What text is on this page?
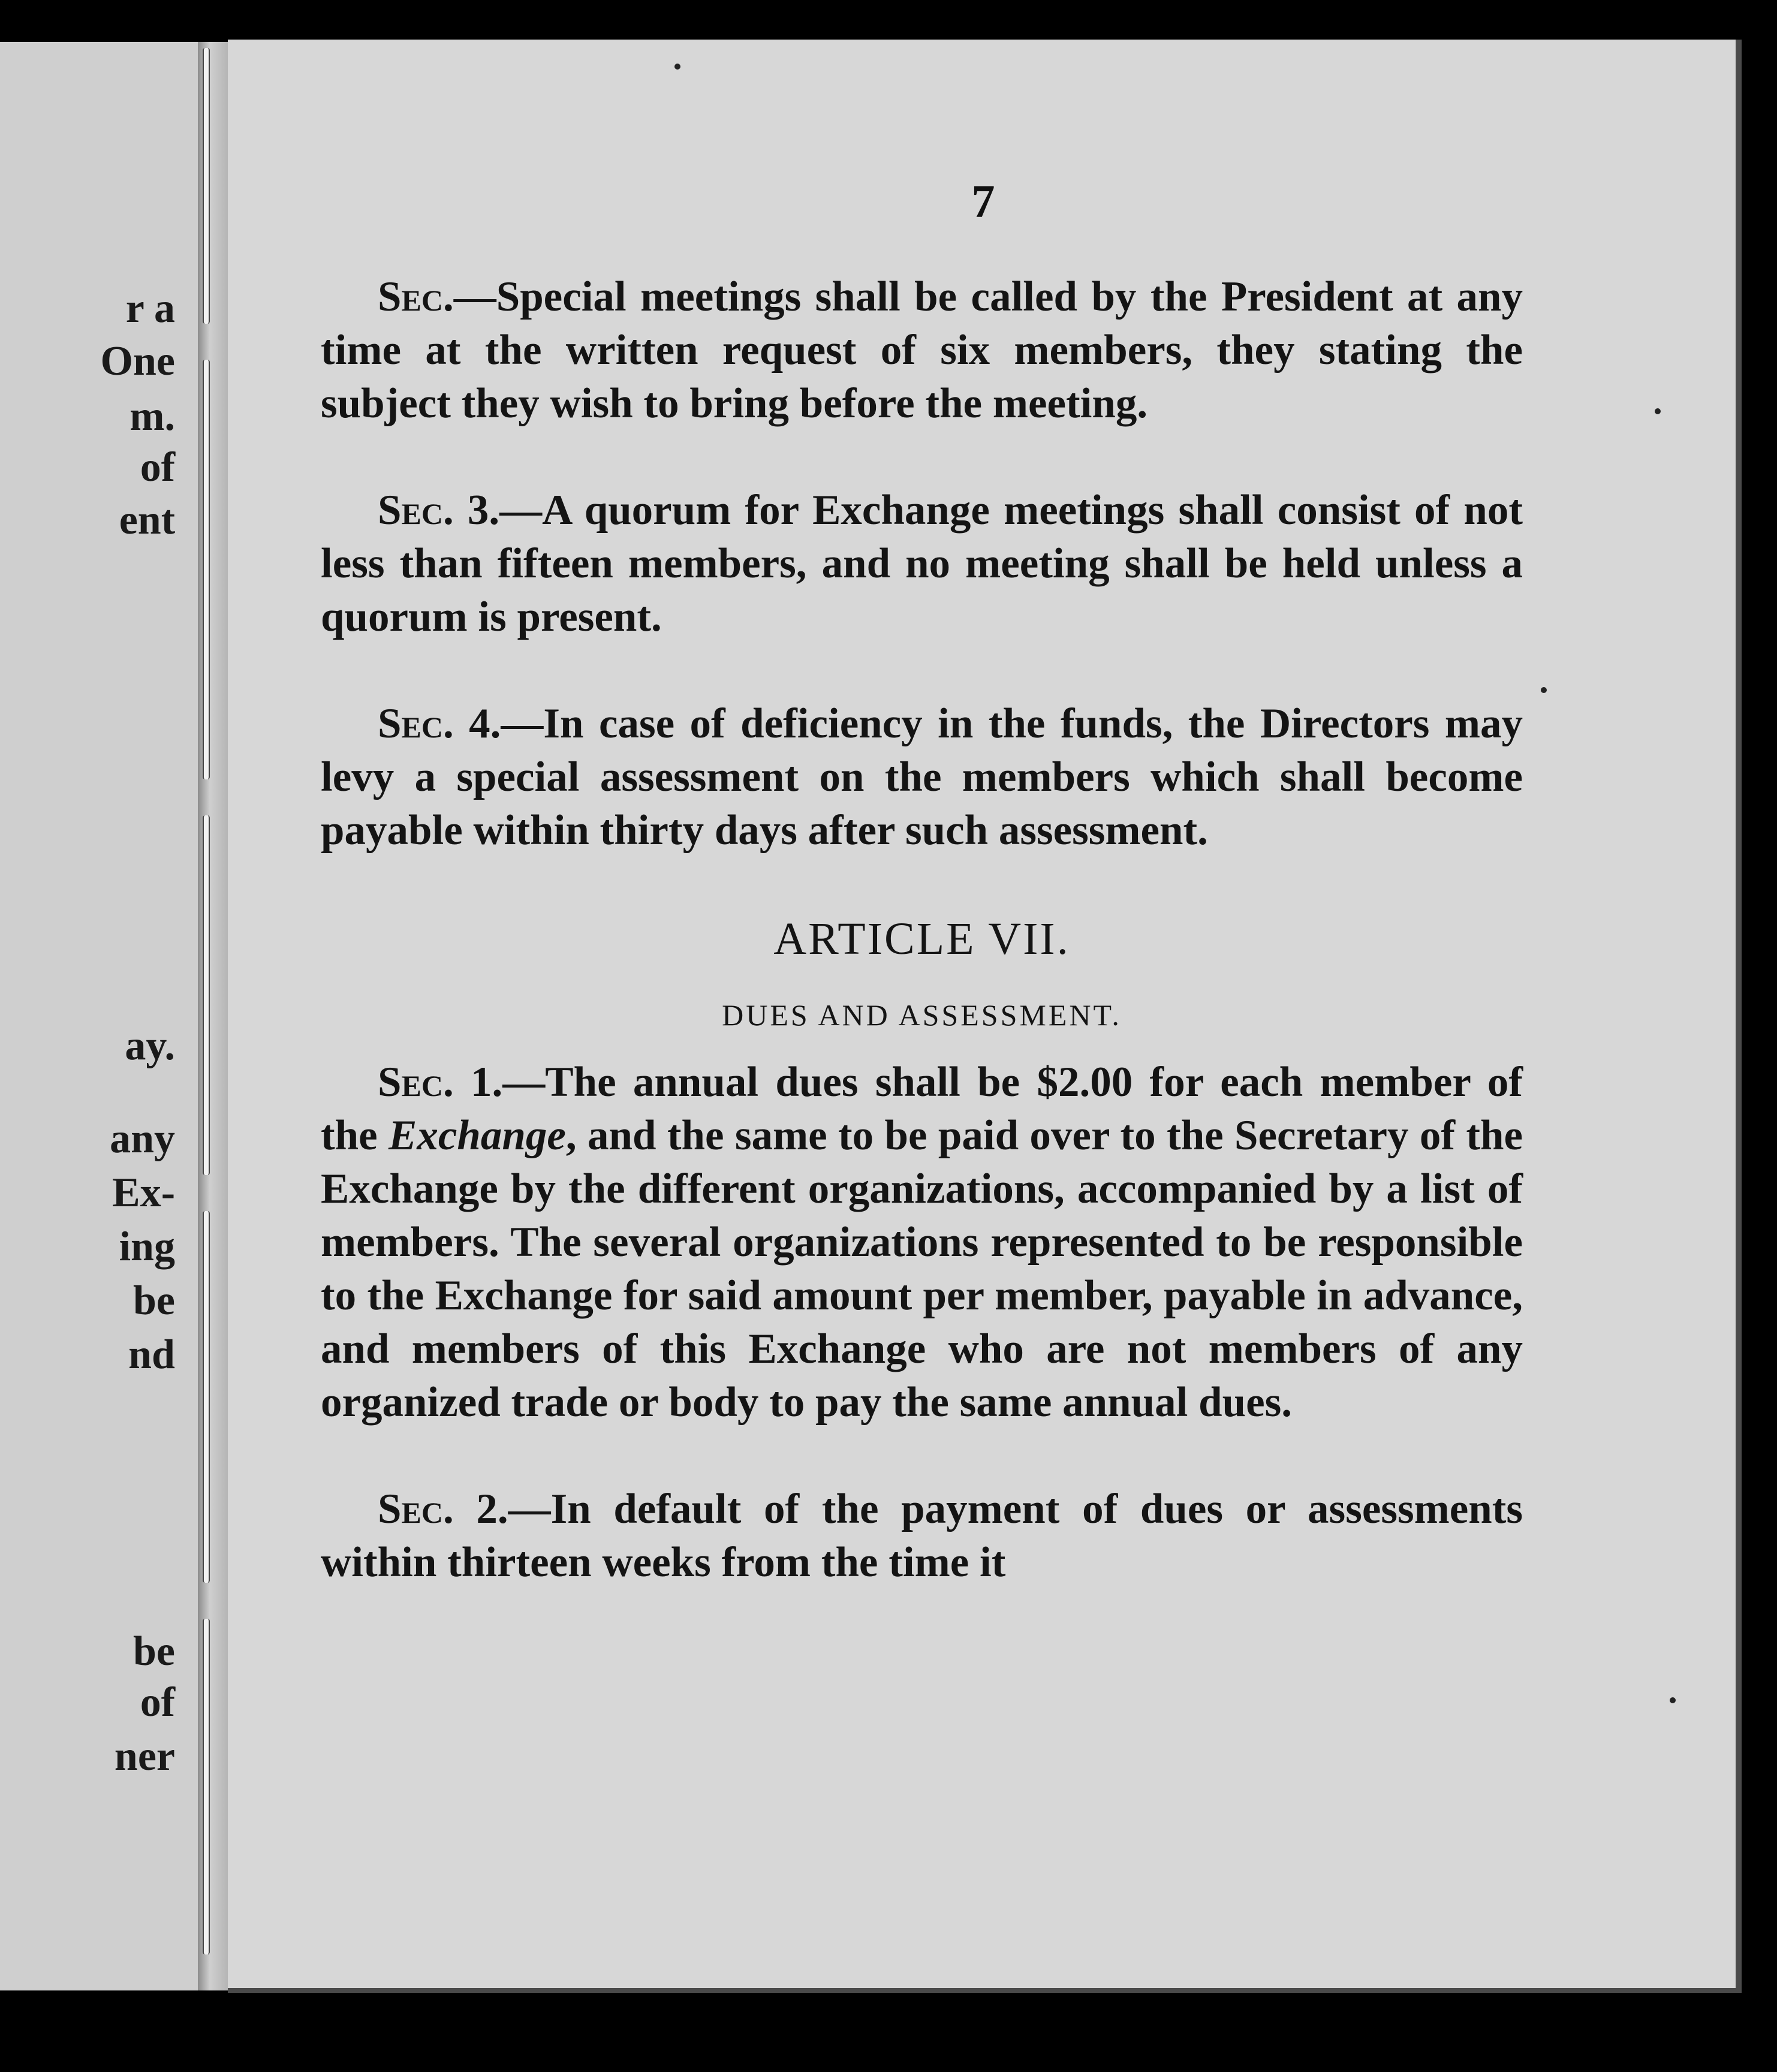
r a
One
m.
of
ent
ay.
any
Ex-
ing
be
nd
be
of
ner
7

Sec.—Special meetings shall be called by the President at any time at the written request of six members, they stating the subject they wish to bring before the meeting.

Sec. 3.—A quorum for Exchange meetings shall consist of not less than fifteen members, and no meeting shall be held unless a quorum is present.

Sec. 4.—In case of deficiency in the funds, the Directors may levy a special assessment on the members which shall become payable within thirty days after such assessment.

ARTICLE VII.
DUES AND ASSESSMENT.

Sec. 1.—The annual dues shall be $2.00 for each member of the Exchange, and the same to be paid over to the Secretary of the Exchange by the different organizations, accompanied by a list of members. The several organizations represented to be responsible to the Exchange for said amount per member, payable in advance, and members of this Exchange who are not members of any organized trade or body to pay the same annual dues.

Sec. 2.—In default of the payment of dues or assessments within thirteen weeks from the time it
